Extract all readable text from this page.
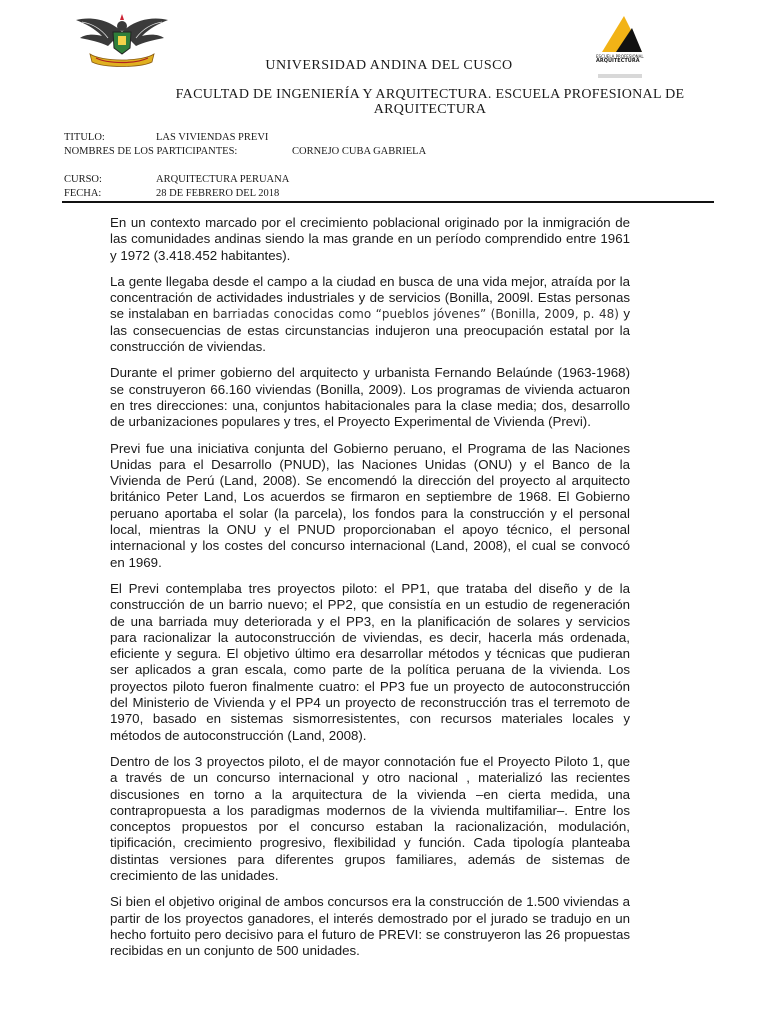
ESCUELA PROFESIONAL
ARQUITECTURA
UNIVERSIDAD ANDINA DEL CUSCO
FACULTAD DE INGENIERÍA Y ARQUITECTURA. ESCUELA PROFESIONAL DE
ARQUITECTURA
TITULO:	LAS VIVIENDAS PREVI
NOMBRES DE LOS PARTICIPANTES:	CORNEJO CUBA GABRIELA
CURSO:	ARQUITECTURA PERUANA
FECHA:	28 DE FEBRERO DEL 2018

En un contexto marcado por el crecimiento poblacional originado por la inmigración de las comunidades andinas siendo la mas grande en un período comprendido entre 1961 y 1972 (3.418.452 habitantes).

La gente llegaba desde el campo a la ciudad en busca de una vida mejor, atraída por la concentración de actividades industriales y de servicios (Bonilla, 2009l. Estas personas se instalaban en barriadas conocidas como “pueblos jóvenes” (Bonilla, 2009, p. 48) y las consecuencias de estas circunstancias indujeron una preocupación estatal por la construcción de viviendas.

Durante el primer gobierno del arquitecto y urbanista Fernando Belaúnde (1963-1968) se construyeron 66.160 viviendas (Bonilla, 2009). Los programas de vivienda actuaron en tres direcciones: una, conjuntos habitacionales para la clase media; dos, desarrollo de urbanizaciones populares y tres, el Proyecto Experimental de Vivienda (Previ).

Previ fue una iniciativa conjunta del Gobierno peruano, el Programa de las Naciones Unidas para el Desarrollo (PNUD), las Naciones Unidas (ONU) y el Banco de la Vivienda de Perú (Land, 2008). Se encomendó la dirección del proyecto al arquitecto británico Peter Land, Los acuerdos se firmaron en septiembre de 1968. El Gobierno peruano aportaba el solar (la parcela), los fondos para la construcción y el personal local, mientras la ONU y el PNUD proporcionaban el apoyo técnico, el personal internacional y los costes del concurso internacional (Land, 2008), el cual se convocó en 1969.

El Previ contemplaba tres proyectos piloto: el PP1, que trataba del diseño y de la construcción de un barrio nuevo; el PP2, que consistía en un estudio de regeneración de una barriada muy deteriorada y el PP3, en la planificación de solares y servicios para racionalizar la autoconstrucción de viviendas, es decir, hacerla más ordenada, eficiente y segura. El objetivo último era desarrollar métodos y técnicas que pudieran ser aplicados a gran escala, como parte de la política peruana de la vivienda. Los proyectos piloto fueron finalmente cuatro: el PP3 fue un proyecto de autoconstrucción del Ministerio de Vivienda y el PP4 un proyecto de reconstrucción tras el terremoto de 1970, basado en sistemas sismorresistentes, con recursos materiales locales y métodos de autoconstrucción (Land, 2008).

Dentro de los 3 proyectos piloto, el de mayor connotación fue el Proyecto Piloto 1, que a través de un concurso internacional y otro nacional , materializó las recientes discusiones en torno a la arquitectura de la vivienda –en cierta medida, una contrapropuesta a los paradigmas modernos de la vivienda multifamiliar–. Entre los conceptos propuestos por el concurso estaban la racionalización, modulación, tipificación, crecimiento progresivo, flexibilidad y función. Cada tipología planteaba distintas versiones para diferentes grupos familiares, además de sistemas de crecimiento de las unidades.

Si bien el objetivo original de ambos concursos era la construcción de 1.500 viviendas a partir de los proyectos ganadores, el interés demostrado por el jurado se tradujo en un hecho fortuito pero decisivo para el futuro de PREVI: se construyeron las 26 propuestas recibidas en un conjunto de 500 unidades.
